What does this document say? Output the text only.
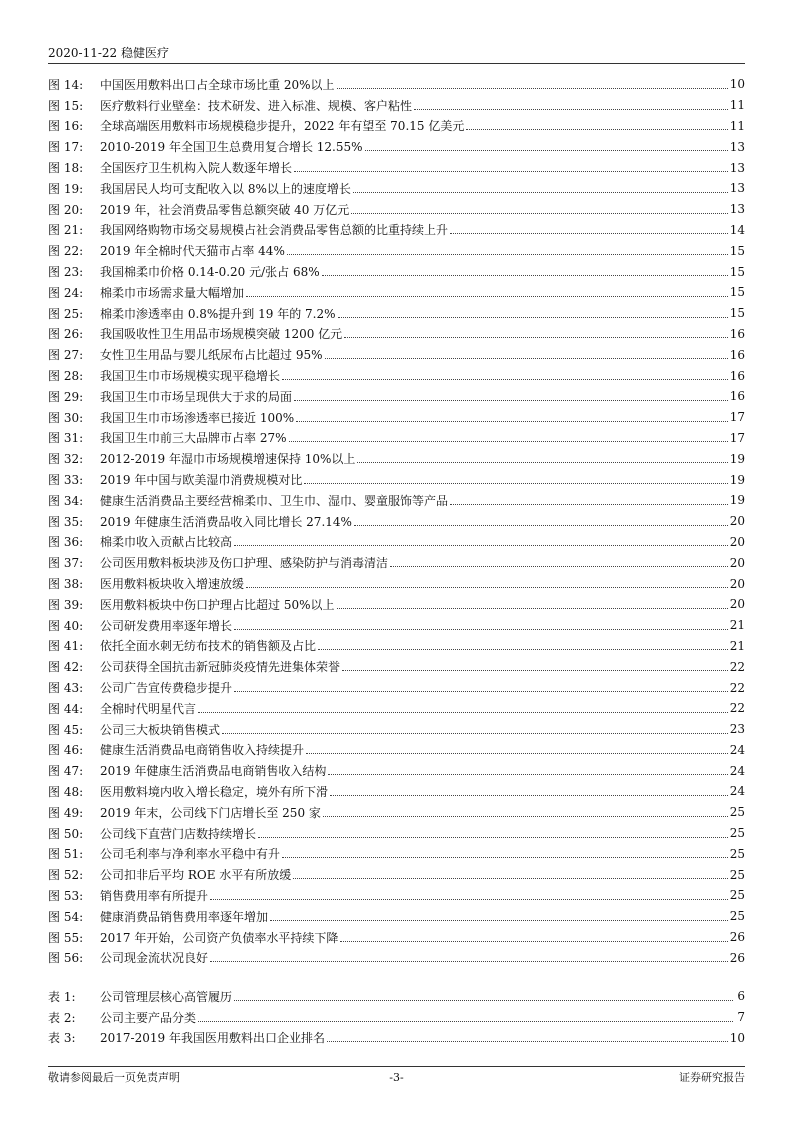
2020-11-22 稳健医疗
图 14:	中国医用敷料出口占全球市场比重 20%以上	10
图 15:	医疗敷料行业壁垒：技术研发、进入标准、规模、客户粘性	11
图 16:	全球高端医用敷料市场规模稳步提升，2022 年有望至 70.15 亿美元	11
图 17:	2010-2019 年全国卫生总费用复合增长 12.55%	13
图 18:	全国医疗卫生机构入院人数逐年增长	13
图 19:	我国居民人均可支配收入以 8%以上的速度增长	13
图 20:	2019 年，社会消费品零售总额突破 40 万亿元	13
图 21:	我国网络购物市场交易规模占社会消费品零售总额的比重持续上升	14
图 22:	2019 年全棉时代天猫市占率 44%	15
图 23:	我国棉柔巾价格 0.14-0.20 元/张占 68%	15
图 24:	棉柔巾市场需求量大幅增加	15
图 25:	棉柔巾渗透率由 0.8%提升到 19 年的 7.2%	15
图 26:	我国吸收性卫生用品市场规模突破 1200 亿元	16
图 27:	女性卫生用品与婴儿纸尿布占比超过 95%	16
图 28:	我国卫生巾市场规模实现平稳增长	16
图 29:	我国卫生巾市场呈现供大于求的局面	16
图 30:	我国卫生巾市场渗透率已接近 100%	17
图 31:	我国卫生巾前三大品牌市占率 27%	17
图 32:	2012-2019 年湿巾市场规模增速保持 10%以上	19
图 33:	2019 年中国与欧美湿巾消费规模对比	19
图 34:	健康生活消费品主要经营棉柔巾、卫生巾、湿巾、婴童服饰等产品	19
图 35:	2019 年健康生活消费品收入同比增长 27.14%	20
图 36:	棉柔巾收入贡献占比较高	20
图 37:	公司医用敷料板块涉及伤口护理、感染防护与消毒清洁	20
图 38:	医用敷料板块收入增速放缓	20
图 39:	医用敷料板块中伤口护理占比超过 50%以上	20
图 40:	公司研发费用率逐年增长	21
图 41:	依托全面水刺无纺布技术的销售额及占比	21
图 42:	公司获得全国抗击新冠肺炎疫情先进集体荣誉	22
图 43:	公司广告宣传费稳步提升	22
图 44:	全棉时代明星代言	22
图 45:	公司三大板块销售模式	23
图 46:	健康生活消费品电商销售收入持续提升	24
图 47:	2019 年健康生活消费品电商销售收入结构	24
图 48:	医用敷料境内收入增长稳定，境外有所下滑	24
图 49:	2019 年末，公司线下门店增长至 250 家	25
图 50:	公司线下直营门店数持续增长	25
图 51:	公司毛利率与净利率水平稳中有升	25
图 52:	公司扣非后平均 ROE 水平有所放缓	25
图 53:	销售费用率有所提升	25
图 54:	健康消费品销售费用率逐年增加	25
图 55:	2017 年开始，公司资产负债率水平持续下降	26
图 56:	公司现金流状况良好	26
表 1:	公司管理层核心高管履历	6
表 2:	公司主要产品分类	7
表 3:	2017-2019 年我国医用敷料出口企业排名	10
敬请参阅最后一页免责声明	-3-	证券研究报告
